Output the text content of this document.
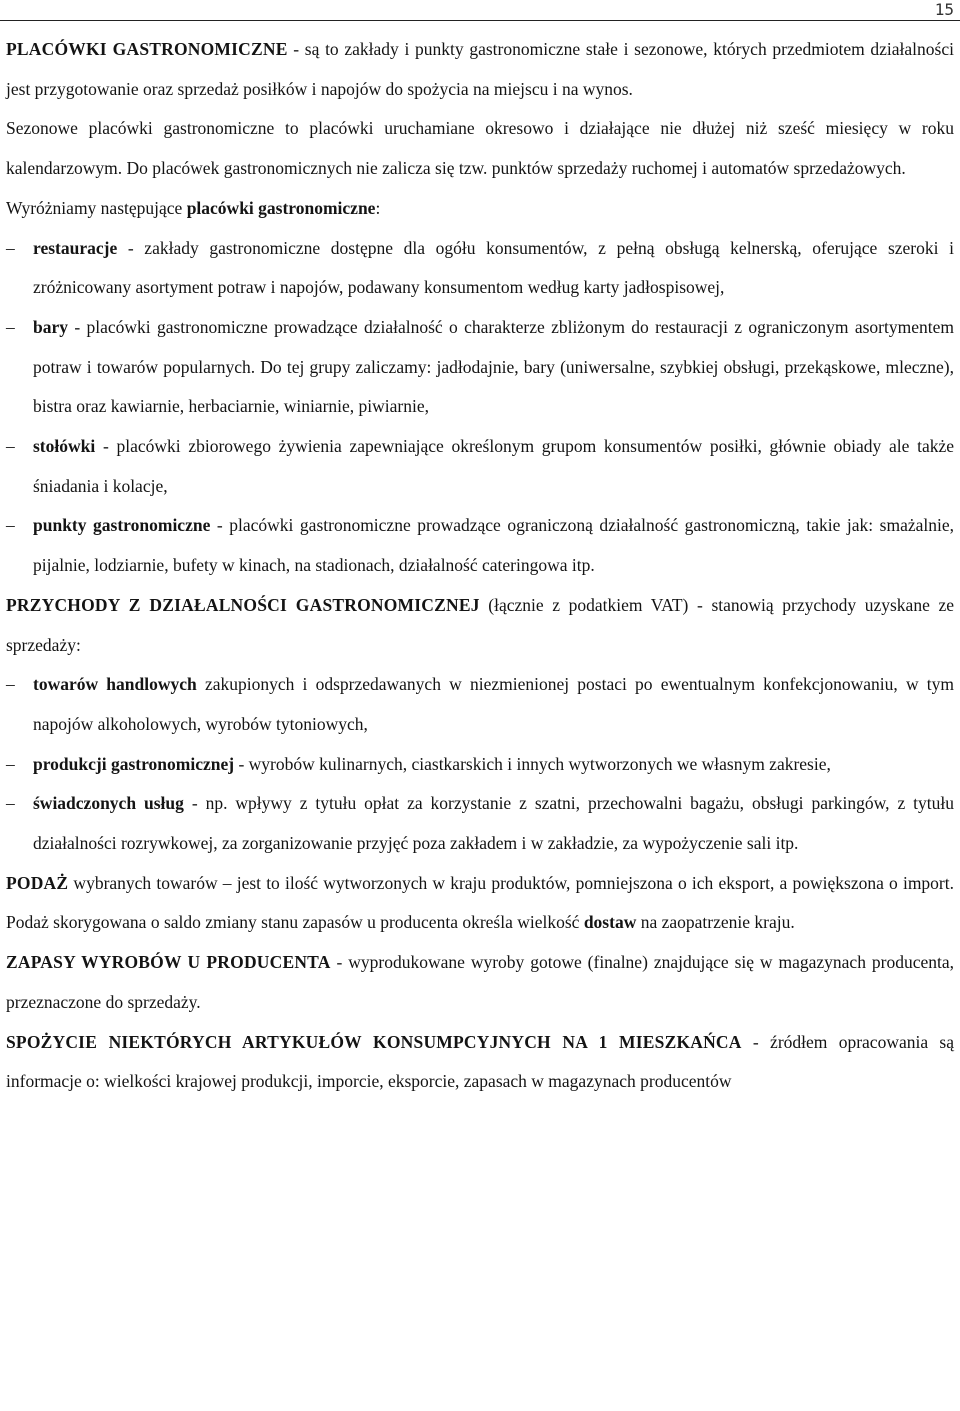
15

PLACÓWKI GASTRONOMICZNE - są to zakłady i punkty gastronomiczne stałe i sezonowe, których przedmiotem działalności jest przygotowanie oraz sprzedaż posiłków i napojów do spożycia na miejscu i na wynos.

Sezonowe placówki gastronomiczne to placówki uruchamiane okresowo i działające nie dłużej niż sześć miesięcy w roku kalendarzowym. Do placówek gastronomicznych nie zalicza się tzw. punktów sprzedaży ruchomej i automatów sprzedażowych.

Wyróżniamy następujące placówki gastronomiczne:

– restauracje - zakłady gastronomiczne dostępne dla ogółu konsumentów, z pełną obsługą kelnerską, oferujące szeroki i zróżnicowany asortyment potraw i napojów, podawany konsumentom według karty jadłospisowej,

– bary - placówki gastronomiczne prowadzące działalność o charakterze zbliżonym do restauracji z ograniczonym asortymentem potraw i towarów popularnych. Do tej grupy zaliczamy: jadłodajnie, bary (uniwersalne, szybkiej obsługi, przekąskowe, mleczne), bistra oraz kawiarnie, herbaciarnie, winiarnie, piwiarnie,

– stołówki - placówki zbiorowego żywienia zapewniające określonym grupom konsumentów posiłki, głównie obiady ale także śniadania i kolacje,

– punkty gastronomiczne - placówki gastronomiczne prowadzące ograniczoną działalność gastronomiczną, takie jak: smażalnie, pijalnie, lodziarnie, bufety w kinach, na stadionach, działalność cateringowa itp.

PRZYCHODY Z DZIAŁALNOŚCI GASTRONOMICZNEJ (łącznie z podatkiem VAT) - stanowią przychody uzyskane ze sprzedaży:

– towarów handlowych zakupionych i odsprzedawanych w niezmienionej postaci po ewentualnym konfekcjonowaniu, w tym napojów alkoholowych, wyrobów tytoniowych,

– produkcji gastronomicznej - wyrobów kulinarnych, ciastkarskich i innych wytworzonych we własnym zakresie,

– świadczonych usług - np. wpływy z tytułu opłat za korzystanie z szatni, przechowalni bagażu, obsługi parkingów, z tytułu działalności rozrywkowej, za zorganizowanie przyjęć poza zakładem i w zakładzie, za wypożyczenie sali itp.

PODAŻ wybranych towarów – jest to ilość wytworzonych w kraju produktów, pomniejszona o ich eksport, a powiększona o import. Podaż skorygowana o saldo zmiany stanu zapasów u producenta określa wielkość dostaw na zaopatrzenie kraju.

ZAPASY WYROBÓW U PRODUCENTA - wyprodukowane wyroby gotowe (finalne) znajdujące się w magazynach producenta, przeznaczone do sprzedaży.

SPOŻYCIE NIEKTÓRYCH ARTYKUŁÓW KONSUMPCYJNYCH NA 1 MIESZKAŃCA - źródłem opracowania są informacje o: wielkości krajowej produkcji, imporcie, eksporcie, zapasach w magazynach producentów
